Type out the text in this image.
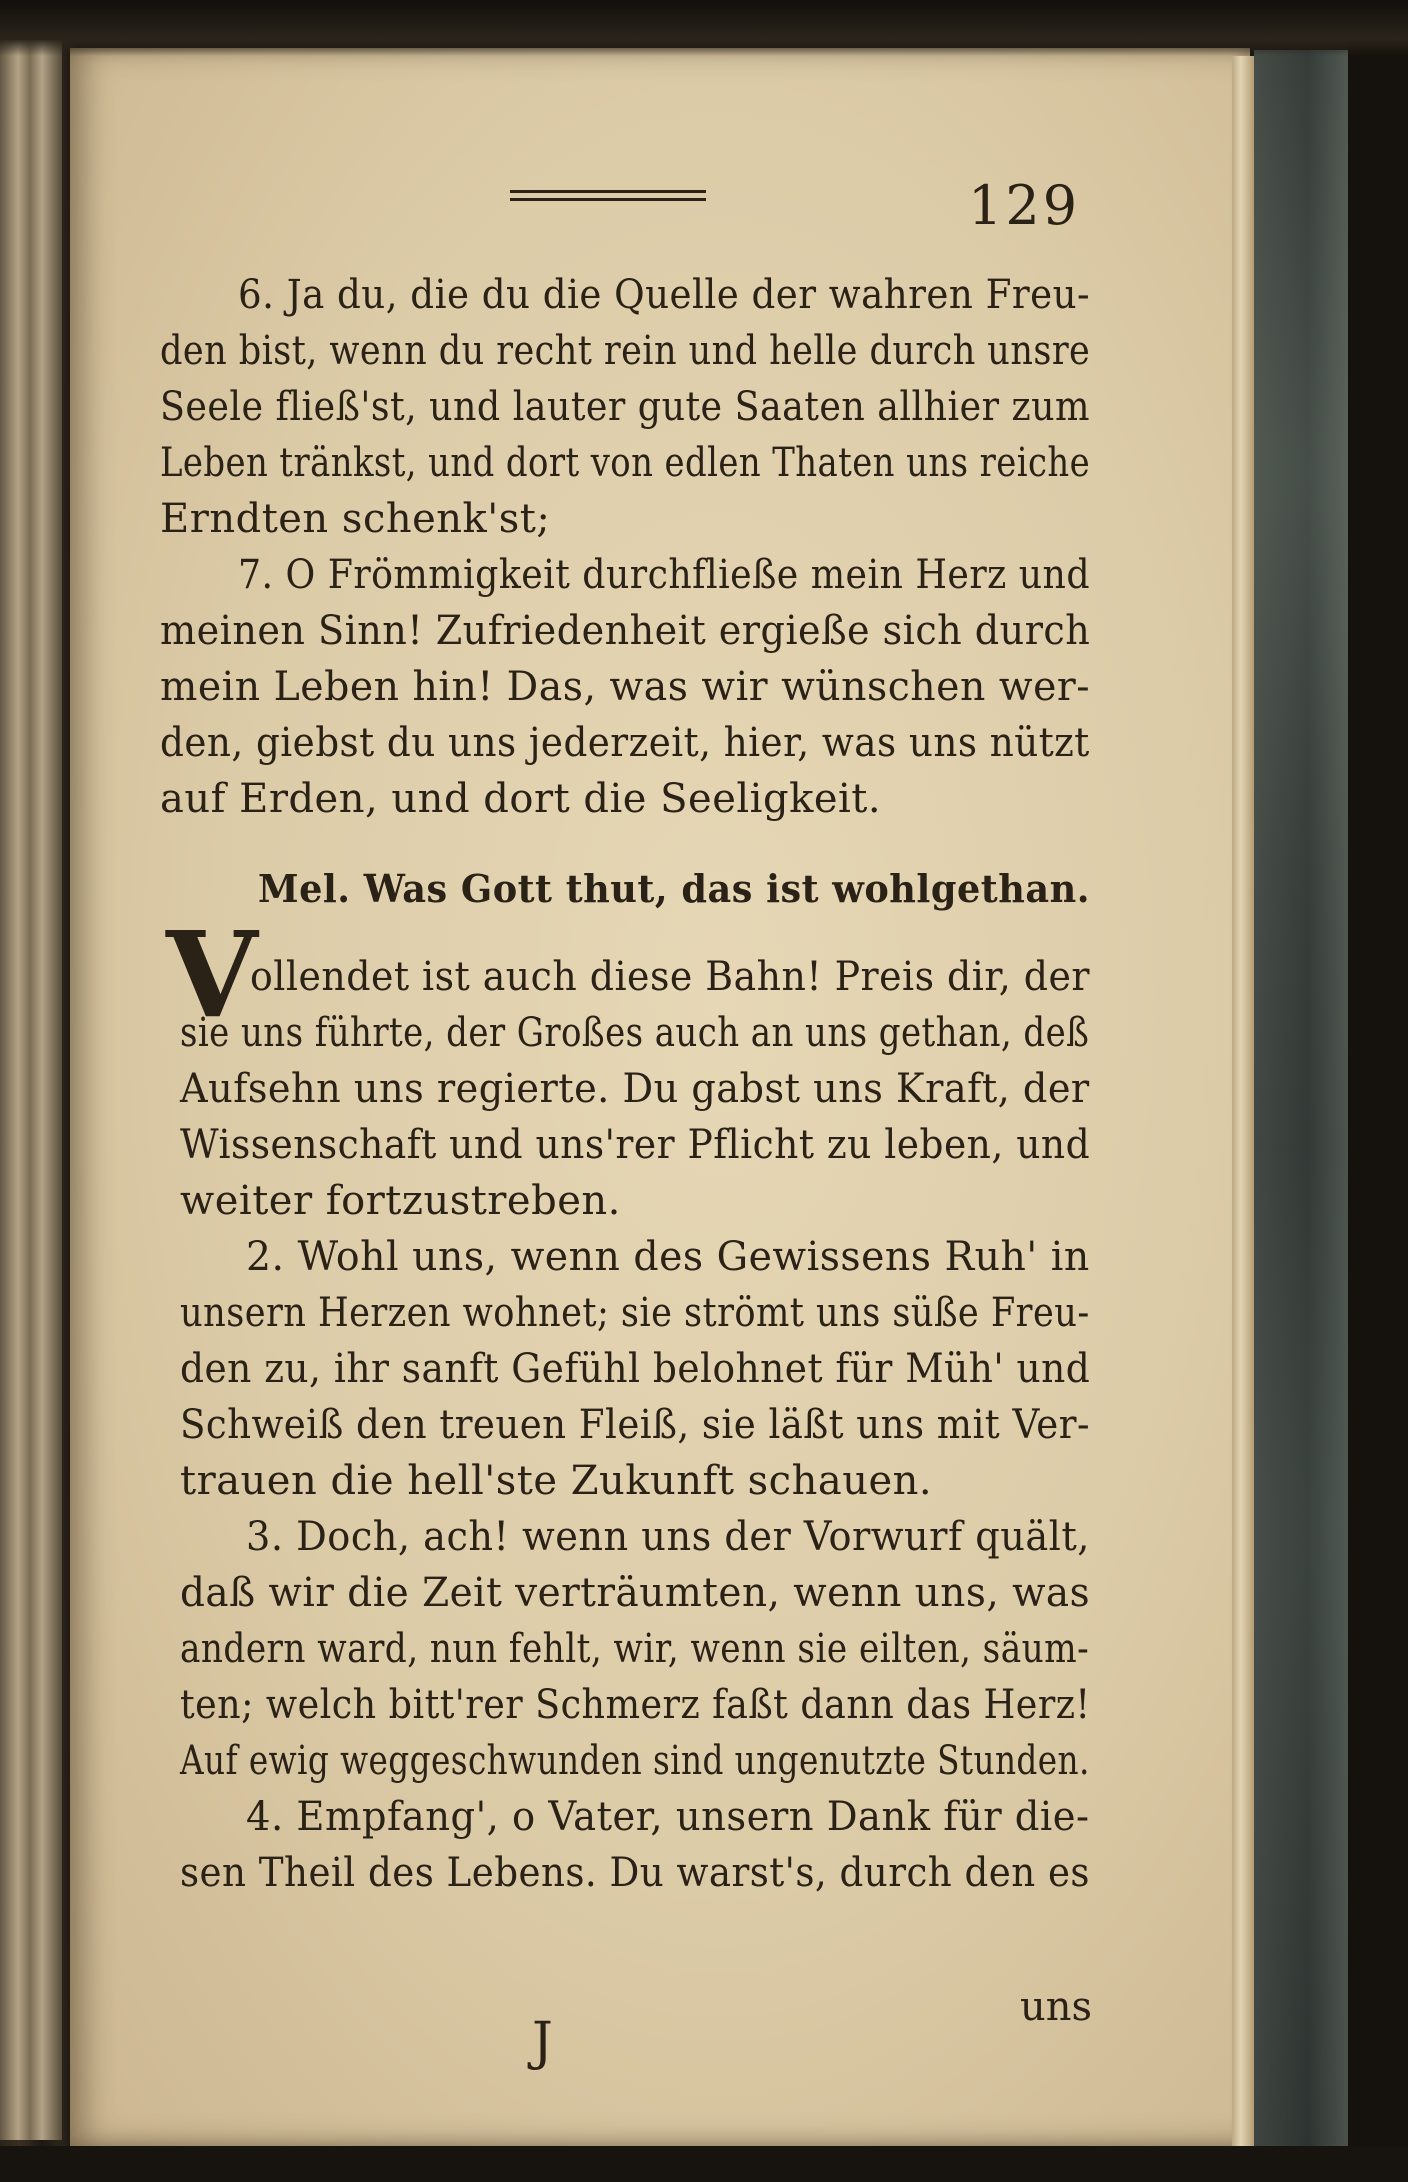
129
6. Ja du, die du die Quelle der wahren Freu-
den bist, wenn du recht rein und helle durch unsre
Seele fließ'st, und lauter gute Saaten allhier zum
Leben tränkst, und dort von edlen Thaten uns reiche
Erndten schenk'st;
7. O Frömmigkeit durchfließe mein Herz und
meinen Sinn! Zufriedenheit ergieße sich durch
mein Leben hin! Das, was wir wünschen wer-
den, giebst du uns jederzeit, hier, was uns nützt
auf Erden, und dort die Seeligkeit.
Mel. Was Gott thut, das ist wohlgethan.
V
ollendet ist auch diese Bahn! Preis dir, der
sie uns führte, der Großes auch an uns gethan, deß
Aufsehn uns regierte. Du gabst uns Kraft, der
Wissenschaft und uns'rer Pflicht zu leben, und
weiter fortzustreben.
2. Wohl uns, wenn des Gewissens Ruh' in
unsern Herzen wohnet; sie strömt uns süße Freu-
den zu, ihr sanft Gefühl belohnet für Müh' und
Schweiß den treuen Fleiß, sie läßt uns mit Ver-
trauen die hell'ste Zukunft schauen.
3. Doch, ach! wenn uns der Vorwurf quält,
daß wir die Zeit verträumten, wenn uns, was
andern ward, nun fehlt, wir, wenn sie eilten, säum-
ten; welch bitt'rer Schmerz faßt dann das Herz!
Auf ewig weggeschwunden sind ungenutzte Stunden.
4. Empfang', o Vater, unsern Dank für die-
sen Theil des Lebens. Du warst's, durch den es
J
uns
